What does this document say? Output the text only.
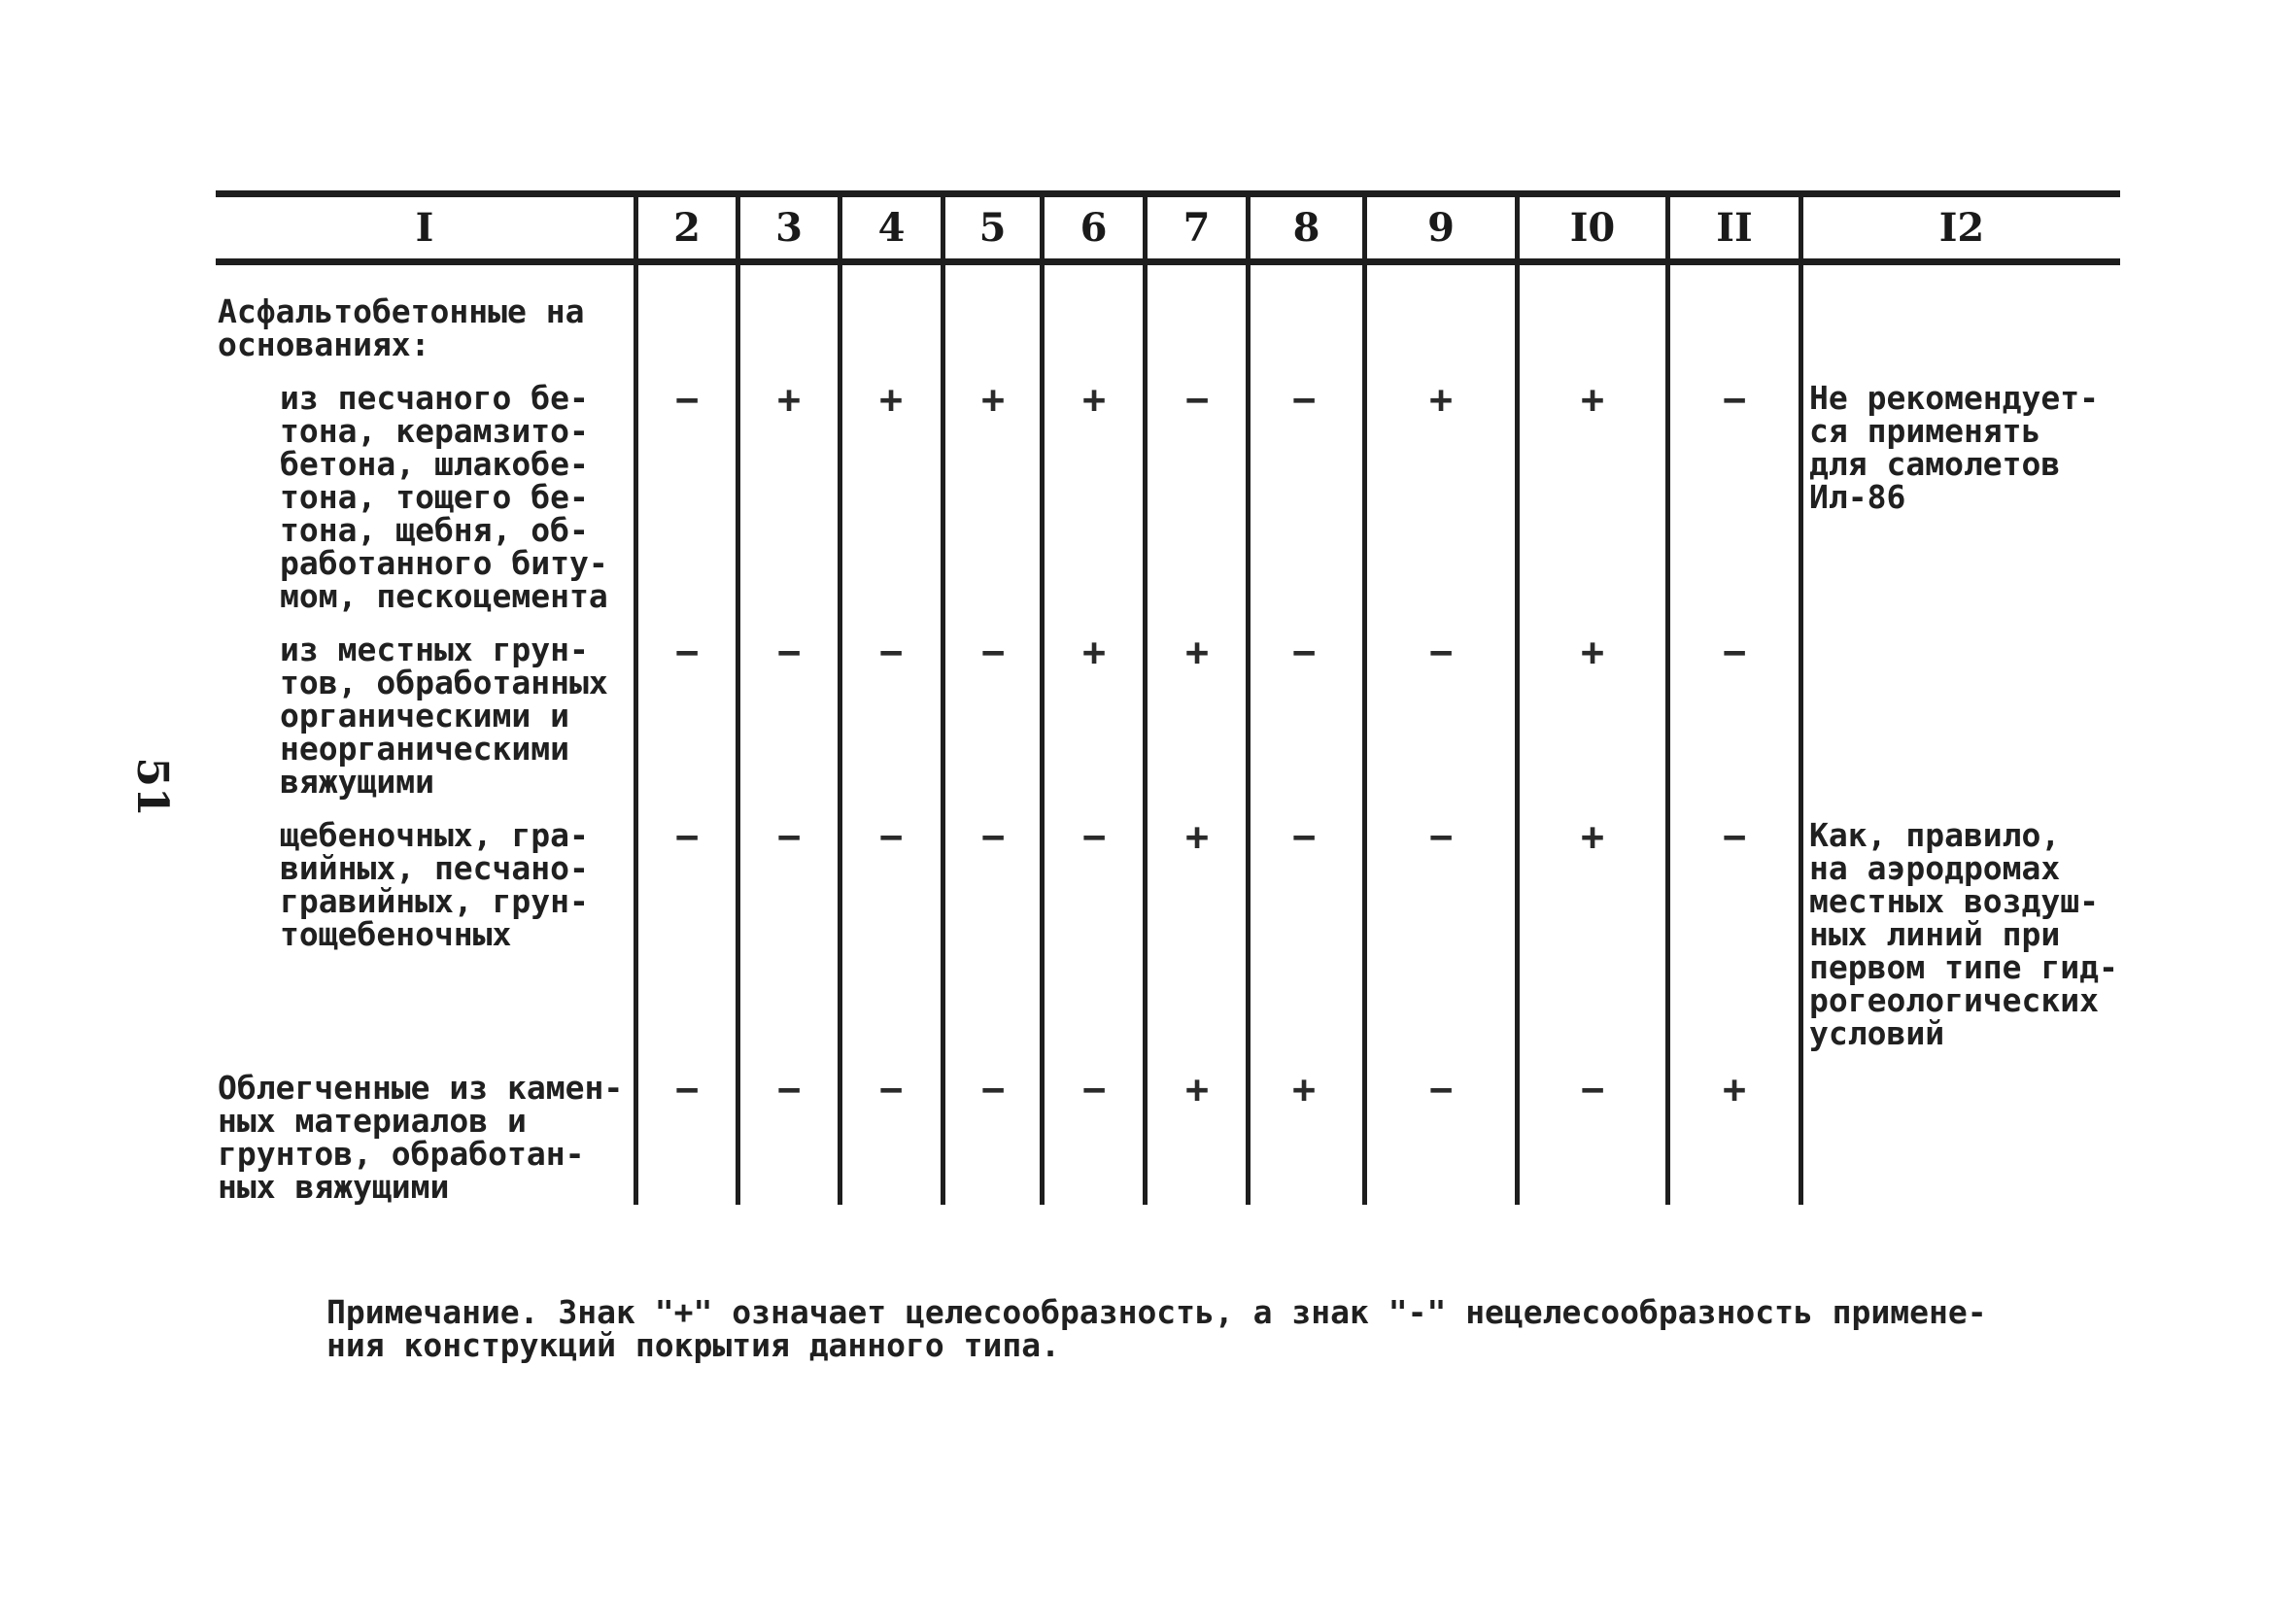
51
I	2	3	4	5	6	7	8	9	I0	II	I2
Асфальтобетонные на
основаниях:
из песчаного бе-
тона, керамзито-
бетона, шлакобе-
тона, тощего бе-
тона, щебня, об-
работанного биту-
мом, пескоцемента
−	+	+	+	+	−	−	+	+	−	Не рекомендует-
ся применять
для самолетов
Ил-86
из местных грун-
тов, обработанных
органическими и
неорганическими
вяжущими
−	−	−	−	+	+	−	−	+	−
щебеночных, гра-
вийных, песчано-
гравийных, грун-
тощебеночных
−	−	−	−	−	+	−	−	+	−	Как, правило,
на аэродромах
местных воздуш-
ных линий при
первом типе гид-
рогеологических
условий
Облегченные из камен-
ных материалов и
грунтов, обработан-
ных вяжущими
−	−	−	−	−	+	+	−	−	+
Примечание. Знак "+" означает целесообразность, а знак "-" нецелесообразность примене-
ния конструкций покрытия данного типа.
